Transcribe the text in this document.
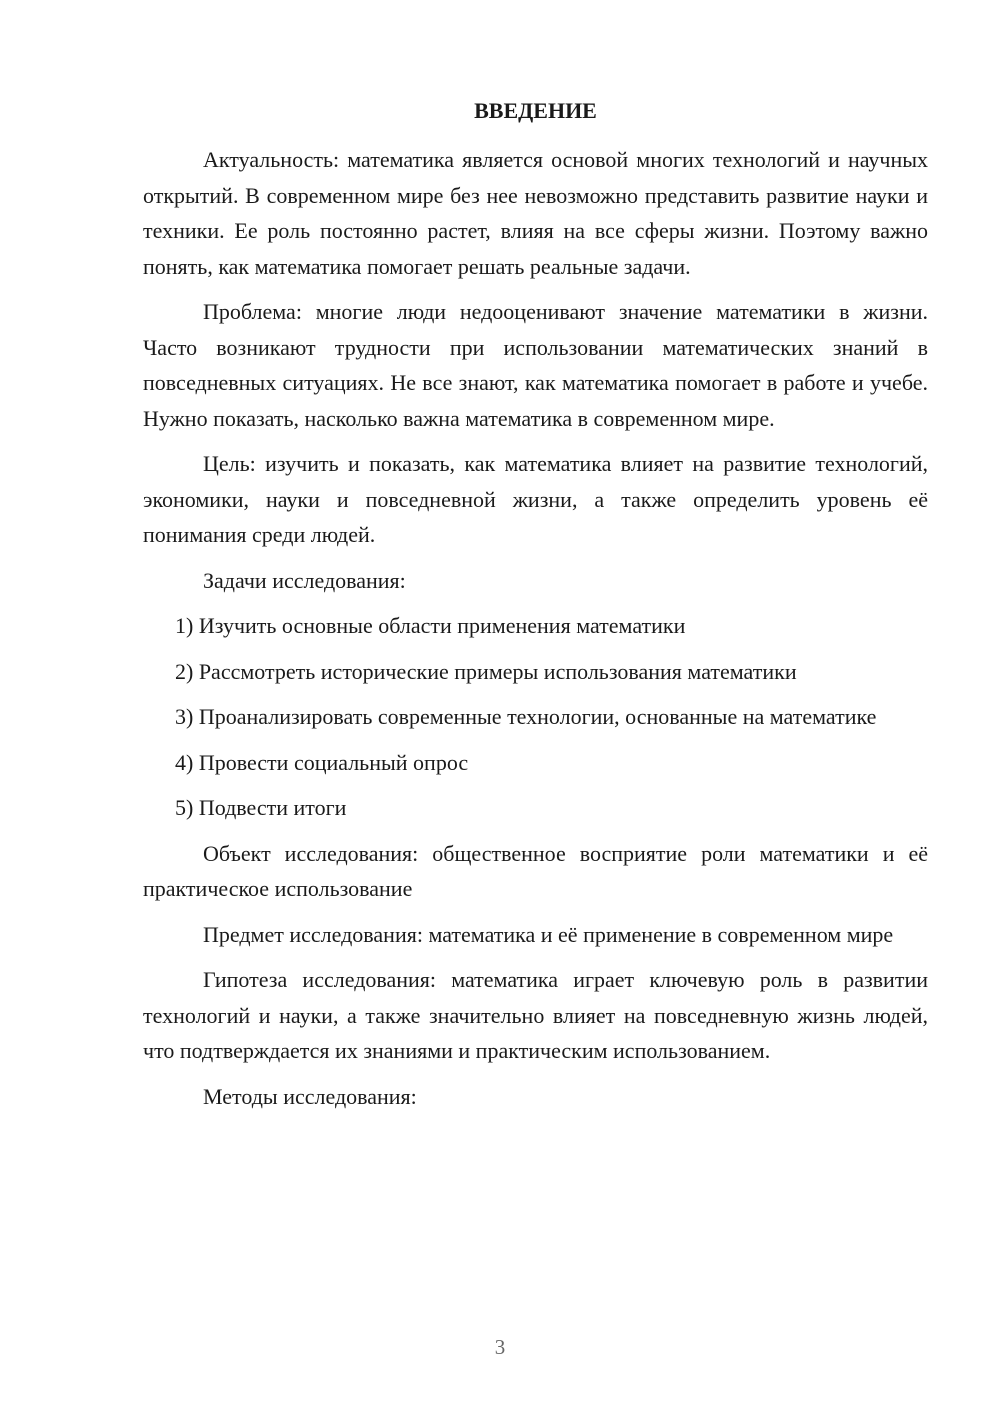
ВВЕДЕНИЕ

Актуальность: математика является основой многих технологий и научных открытий. В современном мире без нее невозможно представить развитие науки и техники. Ее роль постоянно растет, влияя на все сферы жизни. Поэтому важно понять, как математика помогает решать реальные задачи.

Проблема: многие люди недооценивают значение математики в жизни. Часто возникают трудности при использовании математических знаний в повседневных ситуациях. Не все знают, как математика помогает в работе и учебе. Нужно показать, насколько важна математика в современном мире.

Цель: изучить и показать, как математика влияет на развитие технологий, экономики, науки и повседневной жизни, а также определить уровень её понимания среди людей.

Задачи исследования:

1) Изучить основные области применения математики

2) Рассмотреть исторические примеры использования математики

3) Проанализировать современные технологии, основанные на математике

4) Провести социальный опрос

5) Подвести итоги

Объект исследования: общественное восприятие роли математики и её практическое использование

Предмет исследования: математика и её применение в современном мире

Гипотеза исследования: математика играет ключевую роль в развитии технологий и науки, а также значительно влияет на повседневную жизнь людей, что подтверждается их знаниями и практическим использованием.

Методы исследования:

3
